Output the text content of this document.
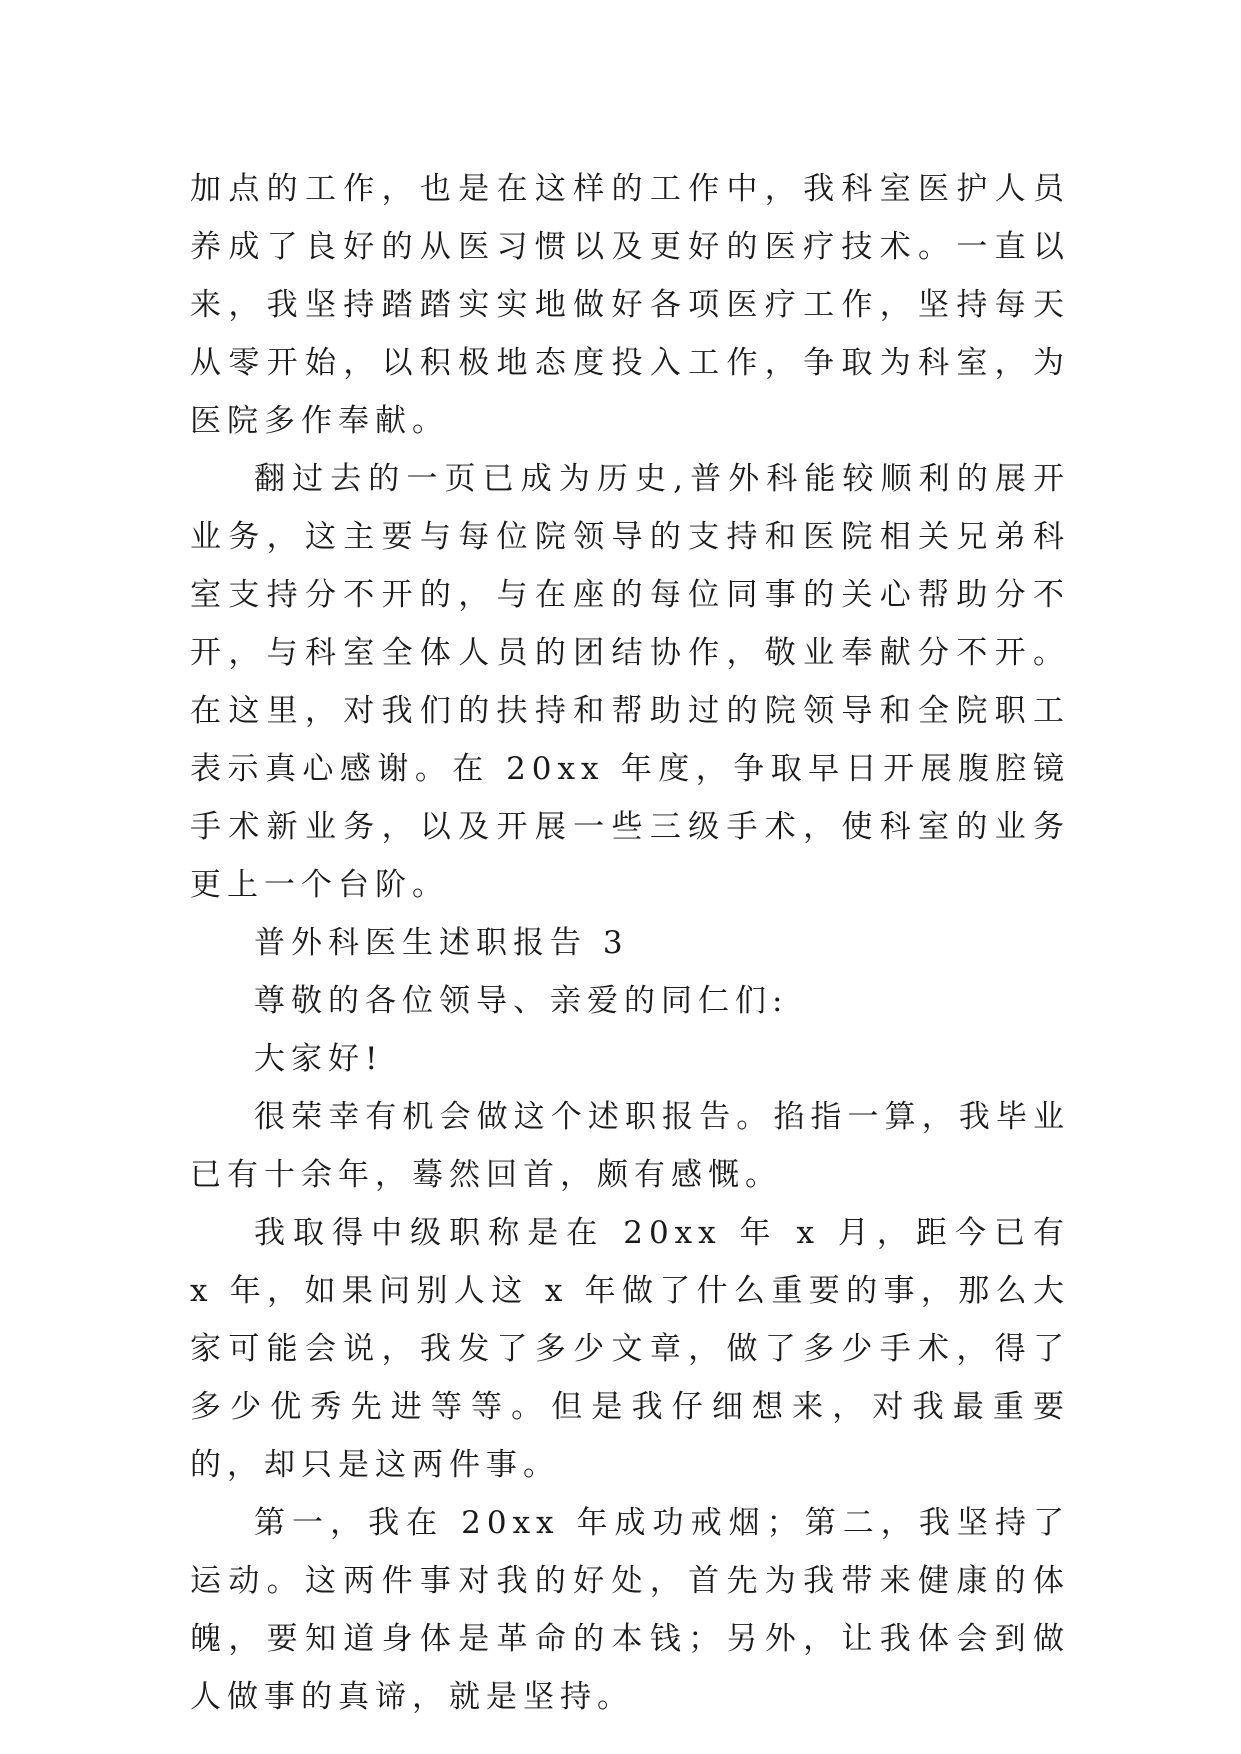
加点的工作，也是在这样的工作中，我科室医护人员养成了良好的从医习惯以及更好的医疗技术。一直以来，我坚持踏踏实实地做好各项医疗工作，坚持每天从零开始，以积极地态度投入工作，争取为科室，为医院多作奉献。

翻过去的一页已成为历史,普外科能较顺利的展开业务，这主要与每位院领导的支持和医院相关兄弟科室支持分不开的，与在座的每位同事的关心帮助分不开，与科室全体人员的团结协作，敬业奉献分不开。在这里，对我们的扶持和帮助过的院领导和全院职工表示真心感谢。在 20xx 年度，争取早日开展腹腔镜手术新业务，以及开展一些三级手术，使科室的业务更上一个台阶。

普外科医生述职报告 3

尊敬的各位领导、亲爱的同仁们:

大家好!

很荣幸有机会做这个述职报告。掐指一算，我毕业已有十余年，蓦然回首，颇有感慨。

我取得中级职称是在 20xx 年 x 月，距今已有 x 年，如果问别人这 x 年做了什么重要的事，那么大家可能会说，我发了多少文章，做了多少手术，得了多少优秀先进等等。但是我仔细想来，对我最重要的，却只是这两件事。

第一，我在 20xx 年成功戒烟；第二，我坚持了运动。这两件事对我的好处，首先为我带来健康的体魄，要知道身体是革命的本钱；另外，让我体会到做人做事的真谛，就是坚持。
